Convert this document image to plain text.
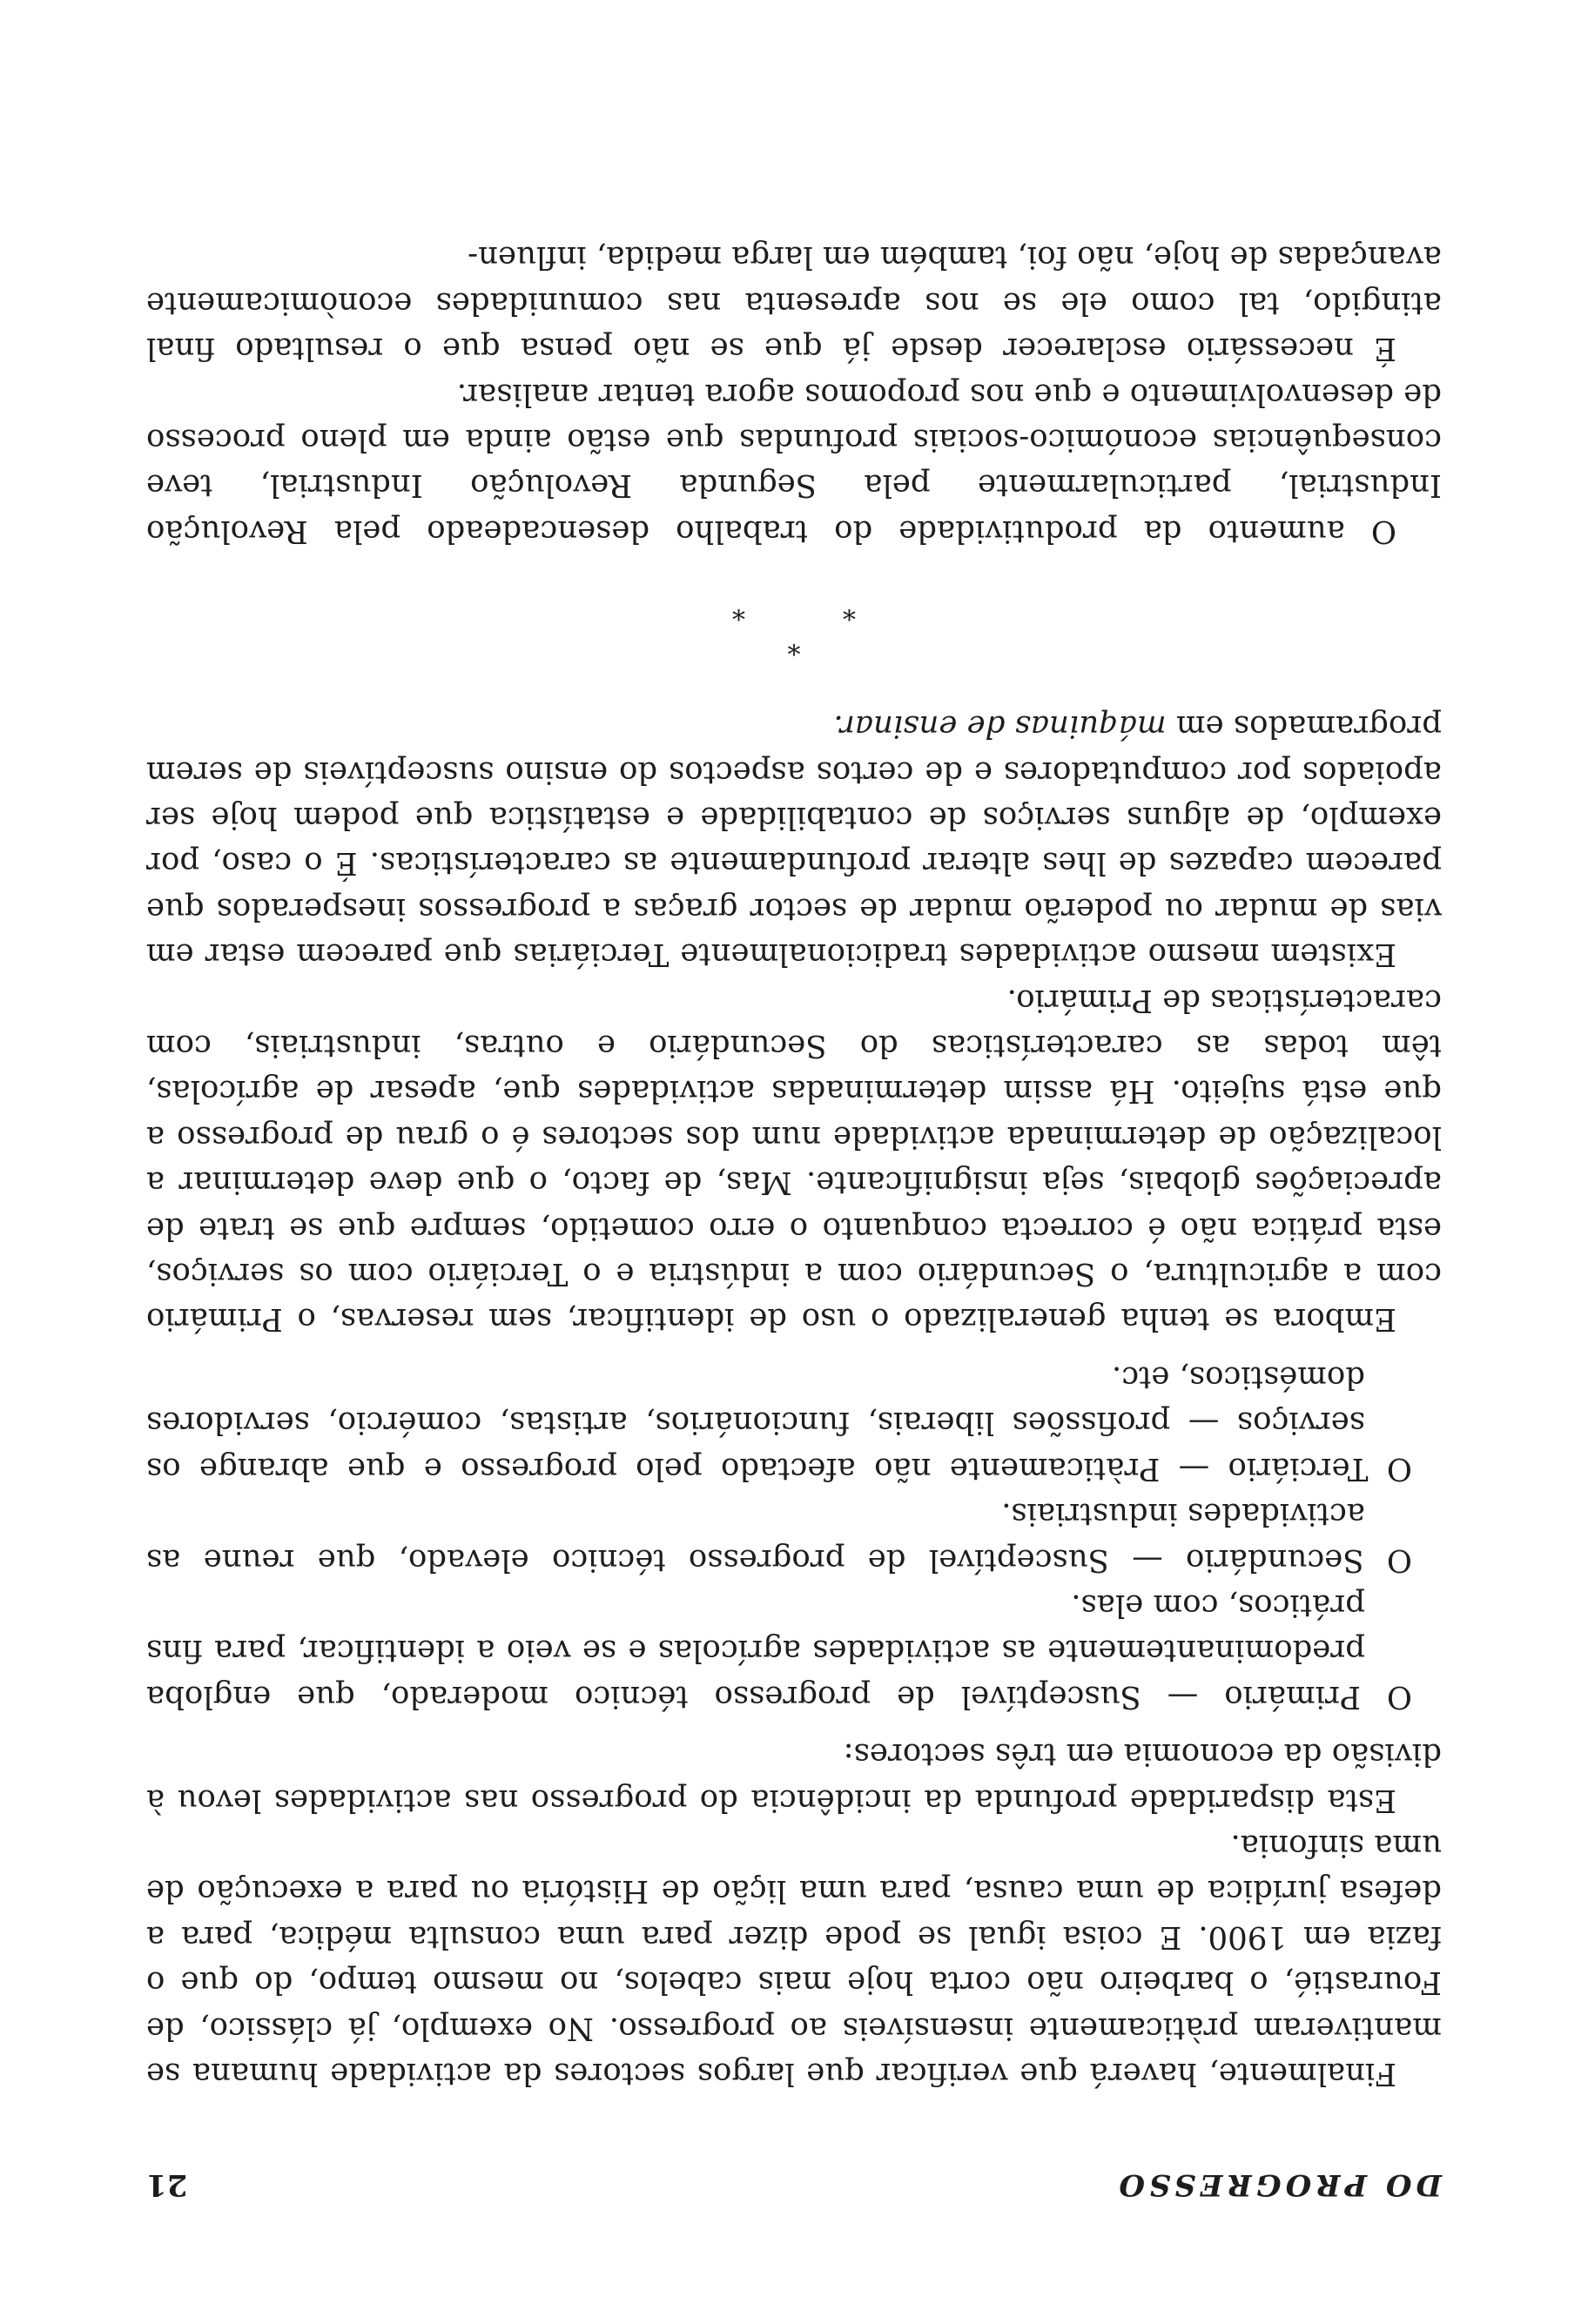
DO PROGRESSO
21

Finalmente, haverá que verificar que largos sectores da actividade humana se mantiveram pràticamente insensíveis ao progresso. No exemplo, já clássico, de Fourastié, o barbeiro não corta hoje mais cabelos, no mesmo tempo, do que o fazia em 1900. E coisa igual se pode dizer para uma consulta médica, para a defesa jurídica de uma causa, para uma lição de História ou para a execução de uma sinfonia.

Esta disparidade profunda da incidência do progresso nas actividades levou à divisão da economia em três sectores:

O Primário — Susceptível de progresso técnico moderado, que engloba predominantemente as actividades agrícolas e se veio a identificar, para fins práticos, com elas.
O Secundário — Susceptível de progresso técnico elevado, que reune as actividades industriais.
O Terciário — Pràticamente não afectado pelo progresso e que abrange os serviços — profissões liberais, funcionários, artistas, comércio, servidores domésticos, etc.

Embora se tenha generalizado o uso de identificar, sem reservas, o Primário com a agricultura, o Secundário com a indústria e o Terciário com os serviços, esta prática não é correcta conquanto o erro cometido, sempre que se trate de apreciações globais, seja insignificante. Mas, de facto, o que deve determinar a localização de determinada actividade num dos sectores é o grau de progresso a que está sujeito. Há assim determinadas actividades que, apesar de agrícolas, têm todas as características do Secundário e outras, industriais, com características de Primário.

Existem mesmo actividades tradicionalmente Terciárias que parecem estar em vias de mudar ou poderão mudar de sector graças a progressos inesperados que parecem capazes de lhes alterar profundamente as características. É o caso, por exemplo, de alguns serviços de contabilidade e estatística que podem hoje ser apoiados por computadores e de certos aspectos do ensino susceptíveis de serem programados em máquinas de ensinar.

*
**

O aumento da produtividade do trabalho desencadeado pela Revolução Industrial, particularmente pela Segunda Revolução Industrial, teve consequências económico-sociais profundas que estão ainda em pleno processo de desenvolvimento e que nos propomos agora tentar analisar.

É necessário esclarecer desde já que se não pensa que o resultado final atingido, tal como ele se nos apresenta nas comunidades econòmicamente avançadas de hoje, não foi, também em larga medida, influen-
